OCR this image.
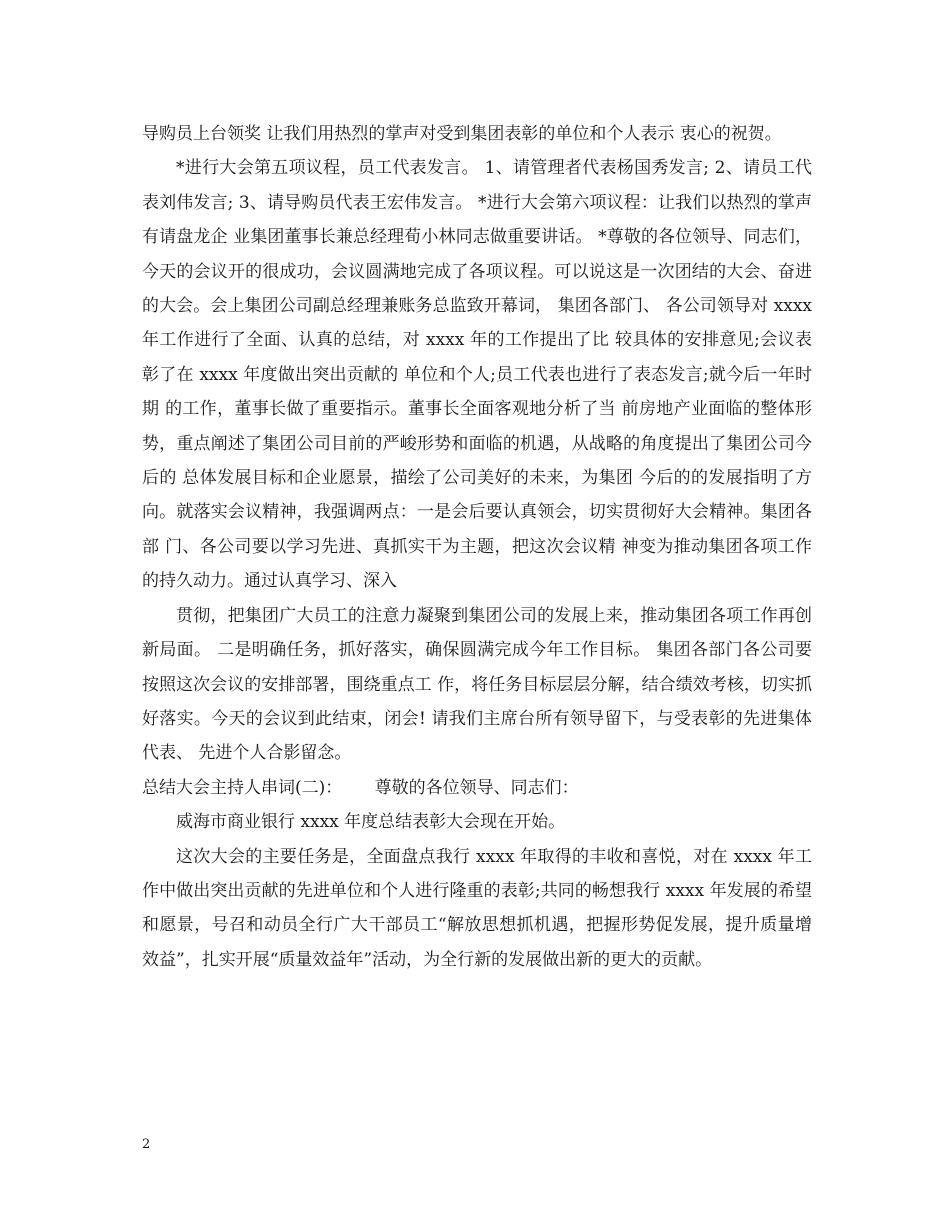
导购员上台领奖 让我们用热烈的掌声对受到集团表彰的单位和个人表示 衷心的祝贺。

*进行大会第五项议程，员工代表发言。 1、请管理者代表杨国秀发言; 2、请员工代表刘伟发言; 3、请导购员代表王宏伟发言。 *进行大会第六项议程：让我们以热烈的掌声有请盘龙企 业集团董事长兼总经理荀小林同志做重要讲话。 *尊敬的各位领导、同志们， 今天的会议开的很成功，会议圆满地完成了各项议程。可以说这是一次团结的大会、奋进的大会。会上集团公司副总经理兼账务总监致开幕词， 集团各部门、 各公司领导对 xxxx 年工作进行了全面、认真的总结，对 xxxx 年的工作提出了比 较具体的安排意见;会议表彰了在 xxxx 年度做出突出贡献的 单位和个人;员工代表也进行了表态发言;就今后一年时期 的工作，董事长做了重要指示。董事长全面客观地分析了当 前房地产业面临的整体形势，重点阐述了集团公司目前的严峻形势和面临的机遇，从战略的角度提出了集团公司今后的 总体发展目标和企业愿景，描绘了公司美好的未来，为集团 今后的的发展指明了方向。就落实会议精神，我强调两点：一是会后要认真领会，切实贯彻好大会精神。集团各部 门、各公司要以学习先进、真抓实干为主题，把这次会议精 神变为推动集团各项工作的持久动力。通过认真学习、深入

贯彻，把集团广大员工的注意力凝聚到集团公司的发展上来，推动集团各项工作再创新局面。 二是明确任务，抓好落实，确保圆满完成今年工作目标。 集团各部门各公司要按照这次会议的安排部署，围绕重点工 作，将任务目标层层分解，结合绩效考核，切实抓好落实。今天的会议到此结束，闭会! 请我们主席台所有领导留下，与受表彰的先进集体代表、 先进个人合影留念。

总结大会主持人串词(二)：      尊敬的各位领导、同志们：

威海市商业银行 xxxx 年度总结表彰大会现在开始。

这次大会的主要任务是，全面盘点我行 xxxx 年取得的丰收和喜悦，对在 xxxx 年工作中做出突出贡献的先进单位和个人进行隆重的表彰;共同的畅想我行 xxxx 年发展的希望和愿景，号召和动员全行广大干部员工“解放思想抓机遇，把握形势促发展，提升质量增效益”，扎实开展“质量效益年”活动，为全行新的发展做出新的更大的贡献。

2
